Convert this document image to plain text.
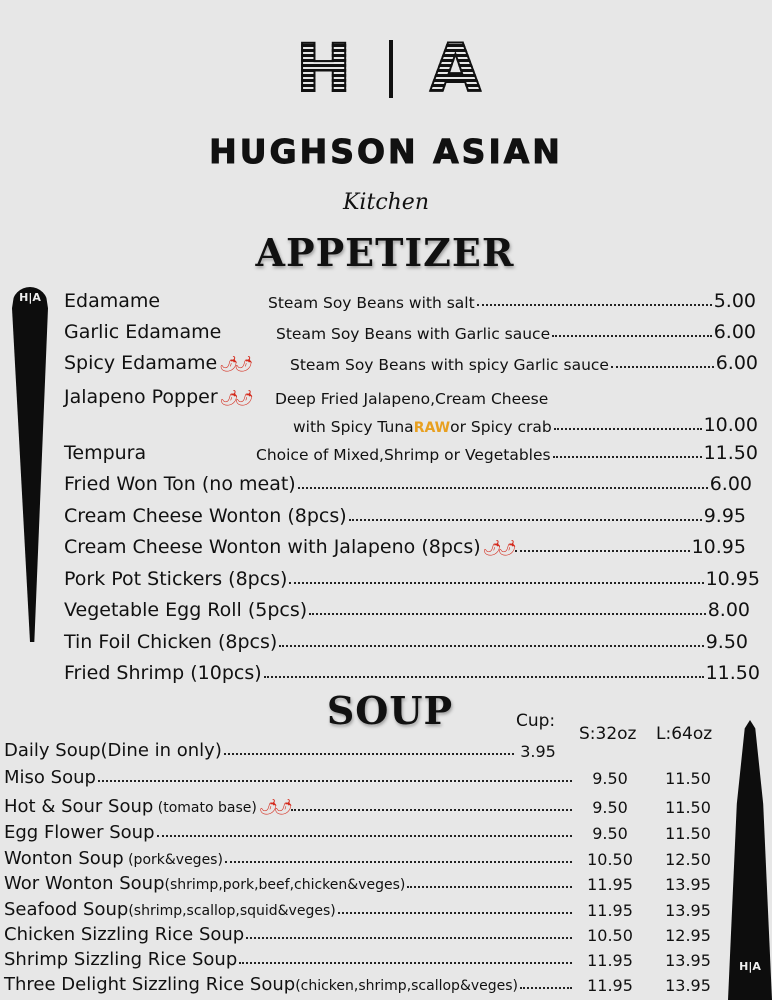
H A
HUGHSON ASIAN
Kitchen
APPETIZER
H|A	Edamame	Steam Soy Beans with salt	5.00
Garlic Edamame	Steam Soy Beans with Garlic sauce	6.00
Spicy Edamame 🌶🌶	Steam Soy Beans with spicy Garlic sauce	6.00
Jalapeno Popper 🌶🌶	Deep Fried Jalapeno,Cream Cheese
with Spicy Tuna RAW or Spicy crab	10.00
Tempura	Choice of Mixed,Shrimp or Vegetables	11.50
Fried Won Ton (no meat)	6.00
Cream Cheese Wonton (8pcs)	9.95
Cream Cheese Wonton with Jalapeno (8pcs) 🌶🌶	10.95
Pork Pot Stickers (8pcs)	10.95
Vegetable Egg Roll (5pcs)	8.00
Tin Foil Chicken (8pcs)	9.50
Fried Shrimp (10pcs)	11.50
SOUP	Cup:
S:32oz L:64oz
H|A
Daily Soup(Dine in only)	3.95
Miso Soup	9.50	11.50
Hot & Sour Soup (tomato base) 🌶🌶	9.50	11.50
Egg Flower Soup	9.50	11.50
Wonton Soup (pork&veges)	10.50	12.50
Wor Wonton Soup(shrimp,pork,beef,chicken&veges)	11.95	13.95
Seafood Soup(shrimp,scallop,squid&veges)	11.95	13.95
Chicken Sizzling Rice Soup	10.50	12.95
Shrimp Sizzling Rice Soup	11.95	13.95
Three Delight Sizzling Rice Soup(chicken,shrimp,scallop&veges)	11.95	13.95
